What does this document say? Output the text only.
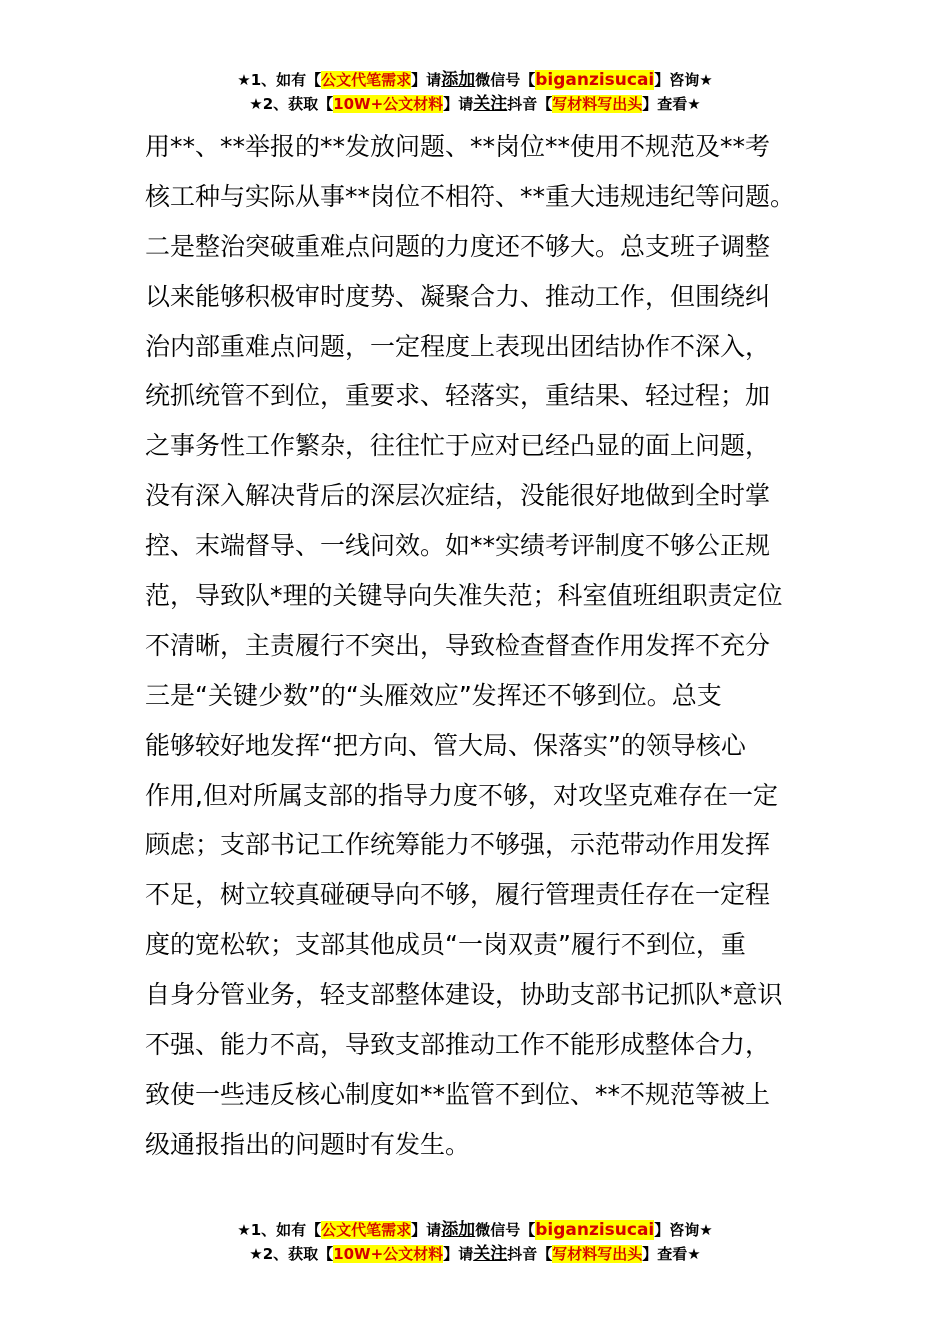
★1、如有【公文代笔需求】请添加微信号【biganzisucai】咨询★
★2、获取【10W+公文材料】请关注抖音【写材料写出头】查看★
用**、**举报的**发放问题、**岗位**使用不规范及**考
核工种与实际从事**岗位不相符、**重大违规违纪等问题。
二是整治突破重难点问题的力度还不够大。总支班子调整
以来能够积极审时度势、凝聚合力、推动工作，但围绕纠
治内部重难点问题，一定程度上表现出团结协作不深入，
统抓统管不到位，重要求、轻落实，重结果、轻过程；加
之事务性工作繁杂，往往忙于应对已经凸显的面上问题，
没有深入解决背后的深层次症结，没能很好地做到全时掌
控、末端督导、一线问效。如**实绩考评制度不够公正规
范，导致队*理的关键导向失准失范；科室值班组职责定位
不清晰，主责履行不突出，导致检查督查作用发挥不充分
三是“关键少数”的“头雁效应”发挥还不够到位。总支
能够较好地发挥“把方向、管大局、保落实”的领导核心
作用,但对所属支部的指导力度不够，对攻坚克难存在一定
顾虑；支部书记工作统筹能力不够强，示范带动作用发挥
不足，树立较真碰硬导向不够，履行管理责任存在一定程
度的宽松软；支部其他成员“一岗双责”履行不到位，重
自身分管业务，轻支部整体建设，协助支部书记抓队*意识
不强、能力不高，导致支部推动工作不能形成整体合力，
致使一些违反核心制度如**监管不到位、**不规范等被上
级通报指出的问题时有发生。
★1、如有【公文代笔需求】请添加微信号【biganzisucai】咨询★
★2、获取【10W+公文材料】请关注抖音【写材料写出头】查看★
